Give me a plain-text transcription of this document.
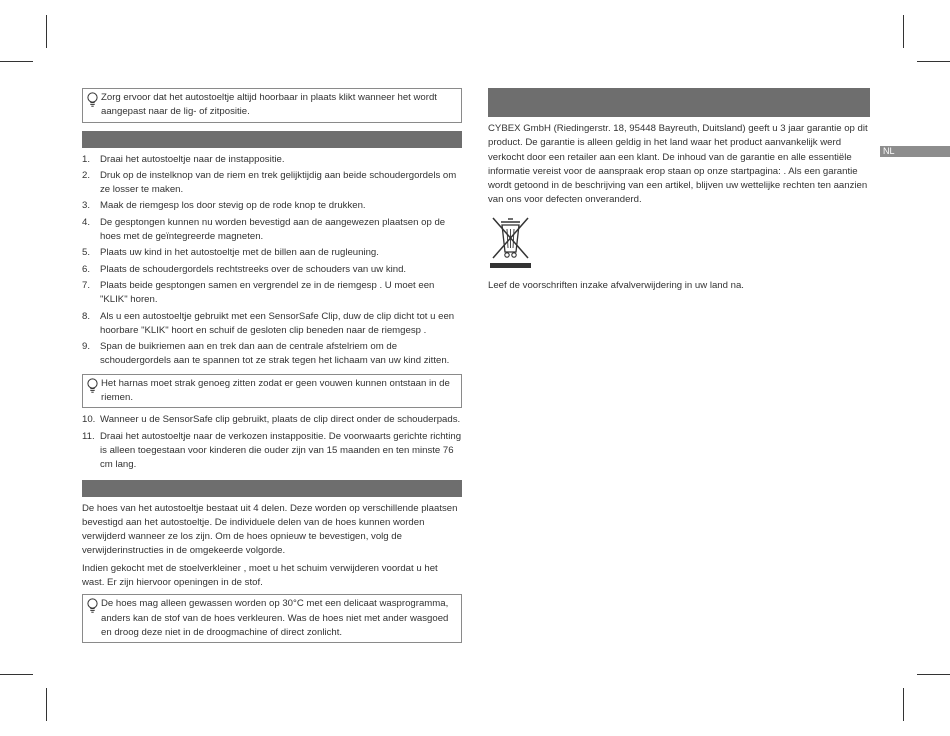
NL
Zorg ervoor dat het autostoeltje altijd hoorbaar in plaats klikt wanneer het wordt aangepast naar de lig- of zitpositie.
1. Draai het autostoeltje naar de instappositie.
2. Druk op de instelknop van de riem en trek gelijktijdig aan beide schoudergordels om ze losser te maken.
3. Maak de riemgesp los door stevig op de rode knop te drukken.
4. De gesptongen kunnen nu worden bevestigd aan de aangewezen plaatsen op de hoes met de geïntegreerde magneten.
5. Plaats uw kind in het autostoeltje met de billen aan de rugleuning.
6. Plaats de schoudergordels rechtstreeks over de schouders van uw kind.
7. Plaats beide gesptongen samen en vergrendel ze in de riemgesp . U moet een "KLIK" horen.
8. Als u een autostoeltje gebruikt met een SensorSafe Clip, duw de clip dicht tot u een hoorbare "KLIK" hoort en schuif de gesloten clip beneden naar de riemgesp .
9. Span de buikriemen aan en trek dan aan de centrale afstelriem om de schoudergordels aan te spannen tot ze strak tegen het lichaam van uw kind zitten.
Het harnas moet strak genoeg zitten zodat er geen vouwen kunnen ontstaan in de riemen.
10. Wanneer u de SensorSafe clip gebruikt, plaats de clip direct onder de schouderpads.
11. Draai het autostoeltje naar de verkozen instappositie. De voorwaarts gerichte richting is alleen toegestaan voor kinderen die ouder zijn van 15 maanden en ten minste 76 cm lang.

De hoes van het autostoeltje bestaat uit 4 delen. Deze worden op verschillende plaatsen bevestigd aan het autostoeltje. De individuele delen van de hoes kunnen worden verwijderd wanneer ze los zijn. Om de hoes opnieuw te bevestigen, volg de verwijderinstructies in de omgekeerde volgorde.

Indien gekocht met de stoelverkleiner , moet u het schuim verwijderen voordat u het wast. Er zijn hiervoor openingen in de stof.

De hoes mag alleen gewassen worden op 30°C met een delicaat wasprogramma, anders kan de stof van de hoes verkleuren. Was de hoes niet met ander wasgoed en droog deze niet in de droogmachine of direct zonlicht.

CYBEX GmbH (Riedingerstr. 18, 95448 Bayreuth, Duitsland) geeft u 3 jaar garantie op dit product. De garantie is alleen geldig in het land waar het product aanvankelijk werd verkocht door een retailer aan een klant. De inhoud van de garantie en alle essentiële informatie vereist voor de aanspraak erop staan op onze startpagina: . Als een garantie wordt getoond in de beschrijving van een artikel, blijven uw wettelijke rechten ten aanzien van ons voor defecten onveranderd.

Leef de voorschriften inzake afvalverwijdering in uw land na.
